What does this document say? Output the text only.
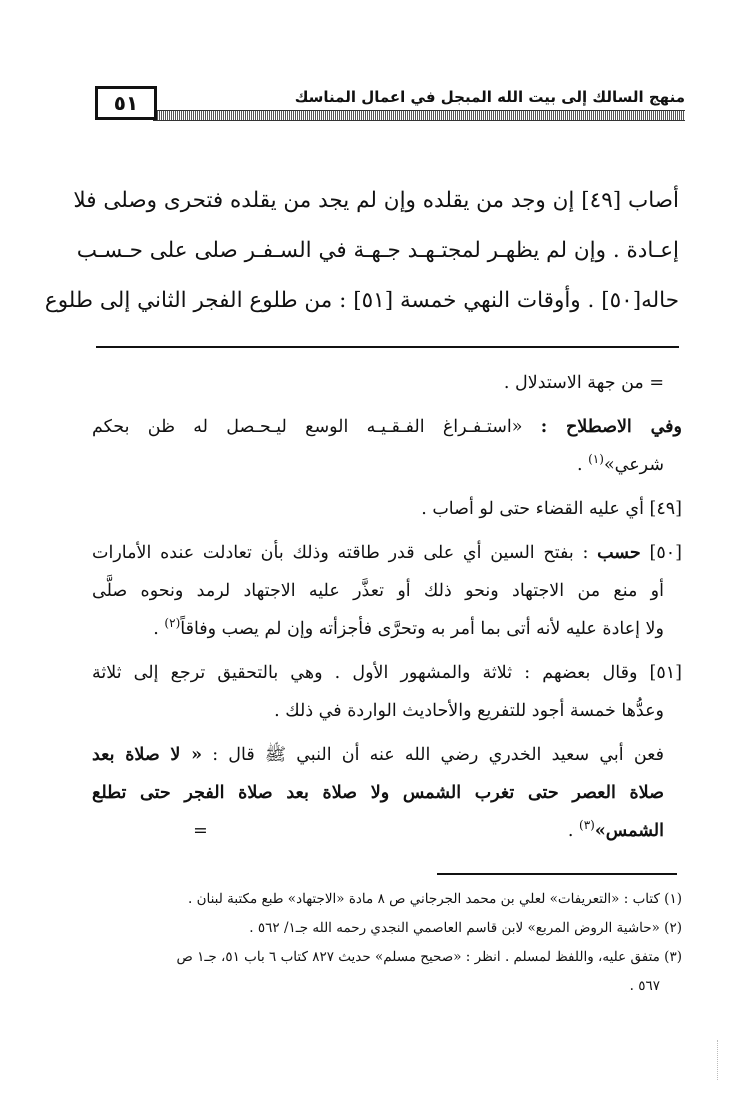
٥١	منهج السالك إلى بيت الله المبجل في اعمال المناسك

أصاب [٤٩] إن وجد من يقلده وإن لم يجد من يقلده فتحرى وصلى فلا
إعـادة . وإن لم يظهـر لمجتـهـد جـهـة في السـفـر صلى على حـسـب
حاله[٥٠] . وأوقات النهي خمسة [٥١] : من طلوع الفجر الثاني إلى طلوع

= من جهة الاستدلال .

وفي الاصطلاح : «استـفـراغ الفـقـيـه الوسع ليـحـصل له ظن بحكم
شرعي»$^{(١)}$ .

[٤٩] أي عليه القضاء حتى لو أصاب .

[٥٠] حسب : بفتح السين أي على قدر طاقته وذلك بأن تعادلت عنده الأمارات
أو منع من الاجتهاد ونحو ذلك أو تعذَّر عليه الاجتهاد لرمد ونحوه صلَّى
ولا إعادة عليه لأنه أتى بما أمر به وتحرَّى فأجزأته وإن لم يصب وفاقاً$^{(٢)}$ .

[٥١] وقال بعضهم : ثلاثة والمشهور الأول . وهي بالتحقيق ترجع إلى ثلاثة
وعدُّها خمسة أجود للتفريع والأحاديث الواردة في ذلك .

فعن أبي سعيد الخدري رضي الله عنه أن النبي ﷺ قال : « لا صلاة بعد
صلاة العصر حتى تغرب الشمس ولا صلاة بعد صلاة الفجر حتى تطلع
الشمس»$^{(٣)}$ .=

(١) كتاب : «التعريفات» لعلي بن محمد الجرجاني ص ٨ مادة «الاجتهاد» طبع مكتبة لبنان .
(٢) «حاشية الروض المربع» لابن قاسم العاصمي النجدي رحمه الله جـ١/ ٥٦٢ .
(٣) متفق عليه، واللفظ لمسلم . انظر : «صحيح مسلم» حديث ٨٢٧ كتاب ٦ باب ٥١، جـ١ ص
٥٦٧ .
